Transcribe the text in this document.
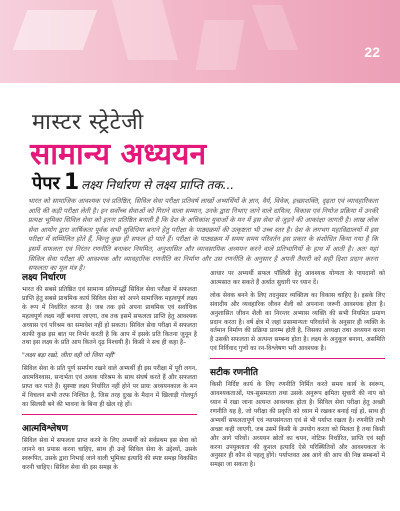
22
मास्टर स्ट्रेटेजी
सामान्य अध्ययन
पेपर 1 लक्ष्य निर्धारण से लक्ष्य प्राप्ति तक...
भारत को सामाजिक आवश्यक एवं प्रतिष्ठित, सिविल सेवा परीक्षा प्रतिवर्ष लाखों अभ्यर्थियों के ज्ञान, वैर्य, विवेक, इच्छाशक्ति, दृढ़ता एवं व्यावहारिकता आदि की कड़ी परीक्षा लेती है। इन सर्वोच्च सेवाओं को गिराने वाला सम्मान, उनके द्वारा निभाए जाने वाले दायित्व, विकास एवं नियोज प्रक्रिया में उनकी प्रत्यक्ष भूमिका सिविल सेवा को इतना प्रतिष्ठित बनाती है कि देश के अधिकांश युवाओं के मन में इस सेवा से जुड़ने की आकांक्षा जागती है। लाख लोक सेवा आयोग द्वारा वार्षिकता पूर्वक सभी सुविधिया बनाने हेतु परीक्षा के पाठ्यक्रमों की उत्कृष्टता भी उच्च स्तर है। देश के लगभग महाविद्यालयों में इस परीक्षा में सम्मिलित होते हैं, किन्तु कुछ ही सफल हो पाते हैं। परीक्षा के पाठ्यक्रम में समय समय परिवर्तन इस प्रकार के संशोधित किया गया है कि इसमें सफलता एवं निरंतर रणनीति बनाकर नियमित, अनुशासित और व्यावसायिक अध्ययन करने वाले प्रतिभागियों के हाथ में आती है। अतः यहां सिविल सेवा परीक्षा की आवश्यक और व्यावहारिक रणनीति का निर्माण और उस रणनीति के अनुसार है अपनी तैयारी को सही दिशा प्रदान करना सफलता का मूल मंत्र है।
लक्ष्य निर्धारण

भारत की सबसे प्रतिष्ठित एवं सामान्य प्रतिस्पर्द्धी सिविल सेवा परीक्षा में सफलता प्राप्ति हेतु सबसे प्राथमिक कार्य सिविल सेवा को अपने सामाजिक महत्वपूर्ण लक्ष्य के रूप में निर्धारित करना है। जब तक इसे अपना प्राथमिक एवं सर्वाधिक महत्वपूर्ण लक्ष्य नहीं बनाया जाएगा, तब तक इसमें सफलता प्राप्ति हेतु आवश्यक अध्यास एवं परिश्रम का समावेश नहीं हो सकता। सिविल सेवा परीक्षा में सफलता काफी कुछ इस बात पर निर्भर करती है कि आप में इसके प्रति कितना जुनून है तथा इस लक्ष्य के प्रति आप कितने दृढ़ निश्चयी हैं। किसी ने सच ही कहा है–

"लक्ष्य बड़ा रखो, जीता वही जो जिया नहीं"

सिविल सेवा के प्रति पूर्ण समर्पण रखने वाले अभ्यर्थी ही इस परीक्षा में पूरी लगन, आत्मविश्वास, सन्दर्भता एवं अथक परिश्रम के साथ संघर्ष करते हैं और सफलता प्राप्त कर पाते हैं। सुस्पष्ट लक्ष्य निर्धारित नहीं होने पर प्रायः अध्ययनकाल के मन में विचलन सभी तरफ निश्चित है, जिस तरह दुःख के मैदान में खिलाड़ी गोलपूर्त का सिलसी बने की भावना के बिना ही खेल रहे हों।

आत्मविश्लेषण

सिविल सेवा में सफलता प्राप्त करने के लिए अभ्यर्थी को सर्वप्रथम इस सेवा को जानने का प्रयास करना चाहिए, साथ ही उन्हें सिविल सेवा के उद्देश्यों, उसके स्वरूपित, उसके द्वारा निभाई जाने वाली भूमिका इत्यादि की स्पष्ट समझ विकसित करनी चाहिए। सिविल सेवा की इस समझ के

आधार पर अभ्यर्थी सफल पॉलिसी हेतु आवश्यक योग्यता के पायदानों को आत्मसात कर सकते हैं अर्थात सुधारी पर ध्यान दें।

लोक सेवक बनने के लिए तदनुसार व्यक्तित्व का विकास चाहिए है। इसके लिए संवादीय और व्यवहारिक जीवन शैली को अपनाना जरूरी आवश्यक होता है। अनुशासित जीवन शैली का निरन्तर अभ्यास व्यक्ति की सभी नियमित प्रमाण प्रदान करता है। वर्ष क्षेत्र में जहां प्रसामान्यतः परिवर्तनों के अनुसार ही व्यक्ति के वर्तमान निर्माण की प्रक्रिया प्रारम्भ होती है, जिसका अध्यक्षा तथा अध्ययन करना है उसकी सफलता से अत्यन्त सम्बन्ध होता है। लक्ष्य के अनुकूल बनाना, असमिति एवं निर्विवाद गुणों का रन-विश्लेषण भरी आवश्यक है।

सटीक रणनीति

किसी निर्दिष्ट कार्य के लिए रणनीति निर्मित करते समय कार्य के स्वरूप, आवश्यकताओं, यत्र-सुसमतता तथा उसके अनुरूप क्षमिता सुचारी की नाप को ध्यान में रखा जाना अत्यन्त आवश्यक होता है। सिविल सेवा परीक्षा हेतु अच्छी रणनीति यह है, जो परीक्षा की प्रकृति को ध्यान में रखकर बनाई गई हो, साथ ही अभ्यर्थी सफलतापूर्ण एवं न्यायसंगतता एवं से भी पर्याप्त रखता है। रणनीति तभी अच्छा कही जाएगी, जब उसमें किसी के उपयोग करता को मिलता है तथा किसी और आगे परियों। अध्ययन स्रोतों का चयन, नोटिफ़ निर्धारित, प्राप्ति एवं सही करना उपयुक्ताता की कुशल इत्यादि ऐसे परिस्थितियों और आवश्यकता के अनुसार ही कौन से पहलू होंगे। पर्याप्तवत अब आगे की आप की निन्न सम्बन्धों में समझा जा सकता है।
